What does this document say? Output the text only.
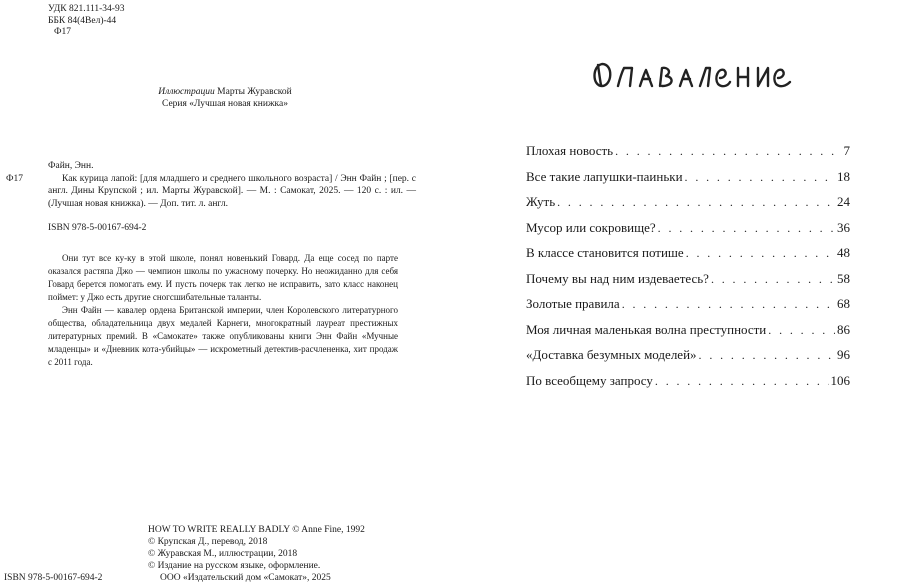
УДК 821.111-34-93
ББК 84(4Вел)-44
Ф17
Иллюстрации Марты Журавской
Серия «Лучшая новая книжка»
Файн, Энн.
Ф17	Как курица лапой: [для младшего и среднего школьного возраста] / Энн Файн ; [пер. с англ. Дины Крупской ; ил. Марты Журавской]. — М. : Самокат, 2025. — 120 с. : ил. — (Лучшая новая книжка). — Доп. тит. л. англ.
ISBN 978-5-00167-694-2

Они тут все ку-ку в этой школе, понял новенький Говард. Да еще сосед по парте оказался растяпа Джо — чемпион школы по ужасному почерку. Но неожиданно для себя Говард берется помогать ему. И пусть почерк так легко не исправить, зато класс наконец поймет: у Джо есть другие сногсшибательные таланты.

Энн Файн — кавалер ордена Британской империи, член Королевского литературного общества, обладательница двух медалей Карнеги, многократный лауреат престижных литературных премий. В «Самокате» также опубликованы книги Энн Файн «Мучные младенцы» и «Дневник кота-убийцы» — искрометный детектив-расчлененка, хит продаж с 2011 года.

HOW TO WRITE REALLY BADLY © Anne Fine, 1992
© Крупская Д., перевод, 2018
© Журавская М., иллюстрации, 2018
© Издание на русском языке, оформление.
ISBN 978-5-00167-694-2	ООО «Издательский дом «Самокат», 2025
Плохая новость . . .	7
Все такие лапушки-паиньки . . .	18
Жуть . . .	24
Мусор или сокровище? . . .	36
В классе становится потише . . .	48
Почему вы над ним издеваетесь? . . .	58
Золотые правила . . .	68
Моя личная маленькая волна преступности . . .	86
«Доставка безумных моделей» . . .	96
По всеобщему запросу . . .	106
